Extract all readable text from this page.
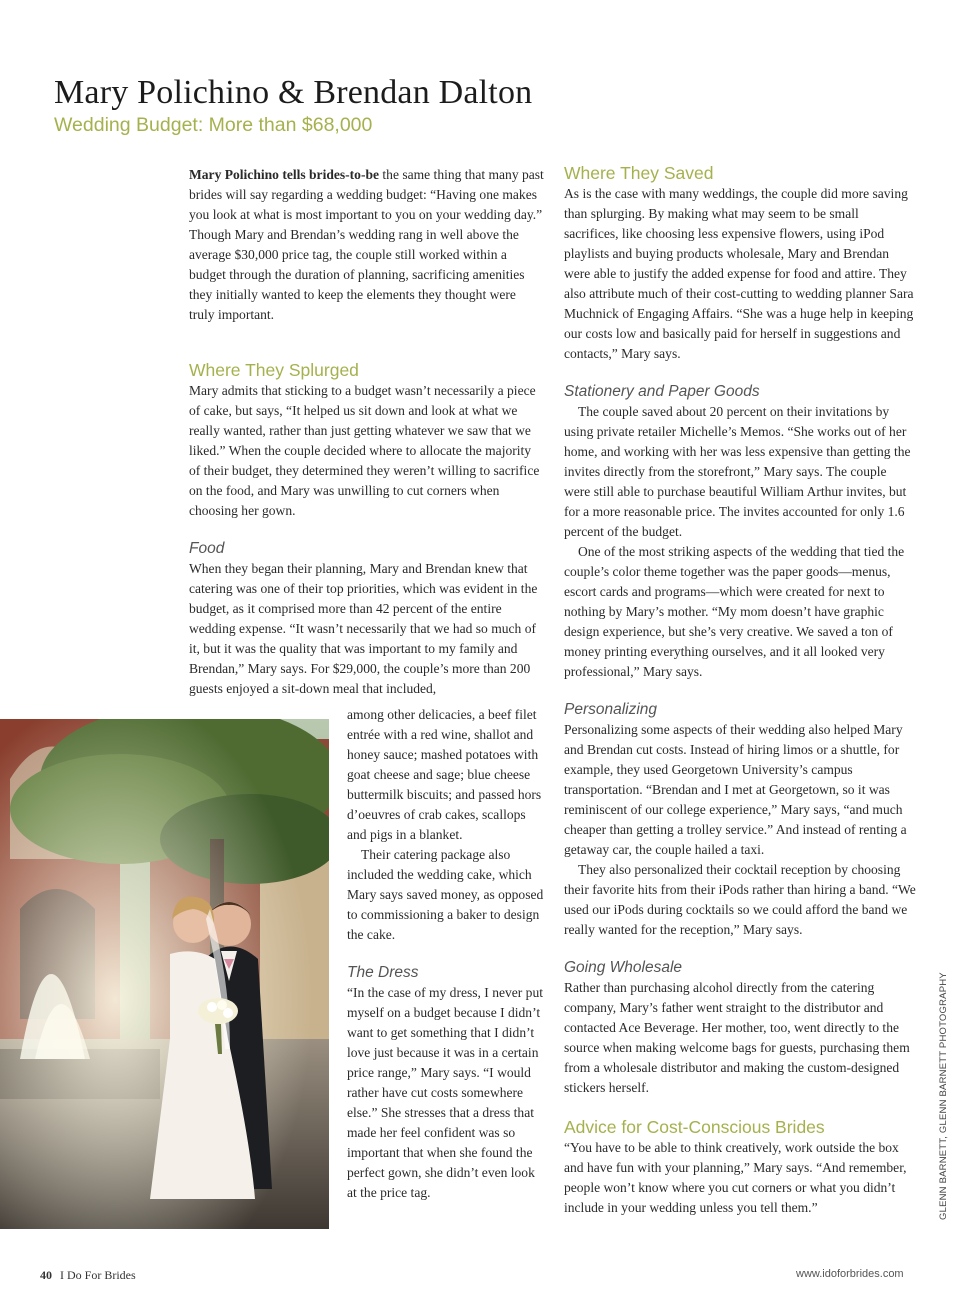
Mary Polichino & Brendan Dalton
Wedding Budget: More than $68,000

Mary Polichino tells brides-to-be the same thing that many past brides will say regarding a wedding budget: “Having one makes you look at what is most important to you on your wedding day.” Though Mary and Brendan’s wedding rang in well above the average $30,000 price tag, the couple still worked within a budget through the duration of planning, sacrificing amenities they initially wanted to keep the elements they thought were truly important.

Where They Splurged

Mary admits that sticking to a budget wasn’t necessarily a piece of cake, but says, “It helped us sit down and look at what we really wanted, rather than just getting whatever we saw that we liked.” When the couple decided where to allocate the majority of their budget, they determined they weren’t willing to sacrifice on the food, and Mary was unwilling to cut corners when choosing her gown.

Food

When they began their planning, Mary and Brendan knew that catering was one of their top priorities, which was evident in the budget, as it comprised more than 42 percent of the entire wedding expense. “It wasn’t necessarily that we had so much of it, but it was the quality that was important to my family and Brendan,” Mary says. For $29,000, the couple’s more than 200 guests enjoyed a sit-down meal that included,

among other delicacies, a beef filet entrée with a red wine, shallot and honey sauce; mashed potatoes with goat cheese and sage; blue cheese buttermilk biscuits; and passed hors d’oeuvres of crab cakes, scallops and pigs in a blanket.

Their catering package also included the wedding cake, which Mary says saved money, as opposed to commissioning a baker to design the cake.

The Dress

“In the case of my dress, I never put myself on a budget because I didn’t want to get something that I didn’t love just because it was in a certain price range,” Mary says. “I would rather have cut costs somewhere else.” She stresses that a dress that made her feel confident was so important that when she found the perfect gown, she didn’t even look at the price tag.

Where They Saved

As is the case with many weddings, the couple did more saving than splurging. By making what may seem to be small sacrifices, like choosing less expensive flowers, using iPod playlists and buying products wholesale, Mary and Brendan were able to justify the added expense for food and attire. They also attribute much of their cost-cutting to wedding planner Sara Muchnick of Engaging Affairs. “She was a huge help in keeping our costs low and basically paid for herself in suggestions and contacts,” Mary says.

Stationery and Paper Goods

The couple saved about 20 percent on their invitations by using private retailer Michelle’s Memos. “She works out of her home, and working with her was less expensive than getting the invites directly from the storefront,” Mary says. The couple were still able to purchase beautiful William Arthur invites, but for a more reasonable price. The invites accounted for only 1.6 percent of the budget.

One of the most striking aspects of the wedding that tied the couple’s color theme together was the paper goods—menus, escort cards and programs—which were created for next to nothing by Mary’s mother. “My mom doesn’t have graphic design experience, but she’s very creative. We saved a ton of money printing everything ourselves, and it all looked very professional,” Mary says.

Personalizing

Personalizing some aspects of their wedding also helped Mary and Brendan cut costs. Instead of hiring limos or a shuttle, for example, they used Georgetown University’s campus transportation. “Brendan and I met at Georgetown, so it was reminiscent of our college experience,” Mary says, “and much cheaper than getting a trolley service.” And instead of renting a getaway car, the couple hailed a taxi.

They also personalized their cocktail reception by choosing their favorite hits from their iPods rather than hiring a band. “We used our iPods during cocktails so we could afford the band we really wanted for the reception,” Mary says.

Going Wholesale

Rather than purchasing alcohol directly from the catering company, Mary’s father went straight to the distributor and contacted Ace Beverage. Her mother, too, went directly to the source when making welcome bags for guests, purchasing them from a wholesale distributor and making the custom-designed stickers herself.

Advice for Cost-Conscious Brides

“You have to be able to think creatively, work outside the box and have fun with your planning,” Mary says. “And remember, people won’t know where you cut corners or what you didn’t include in your wedding unless you tell them.”	GLENN BARNETT, GLENN BARNETT PHOTOGRAPHY
40 I Do For Brides	www.idoforbrides.com
